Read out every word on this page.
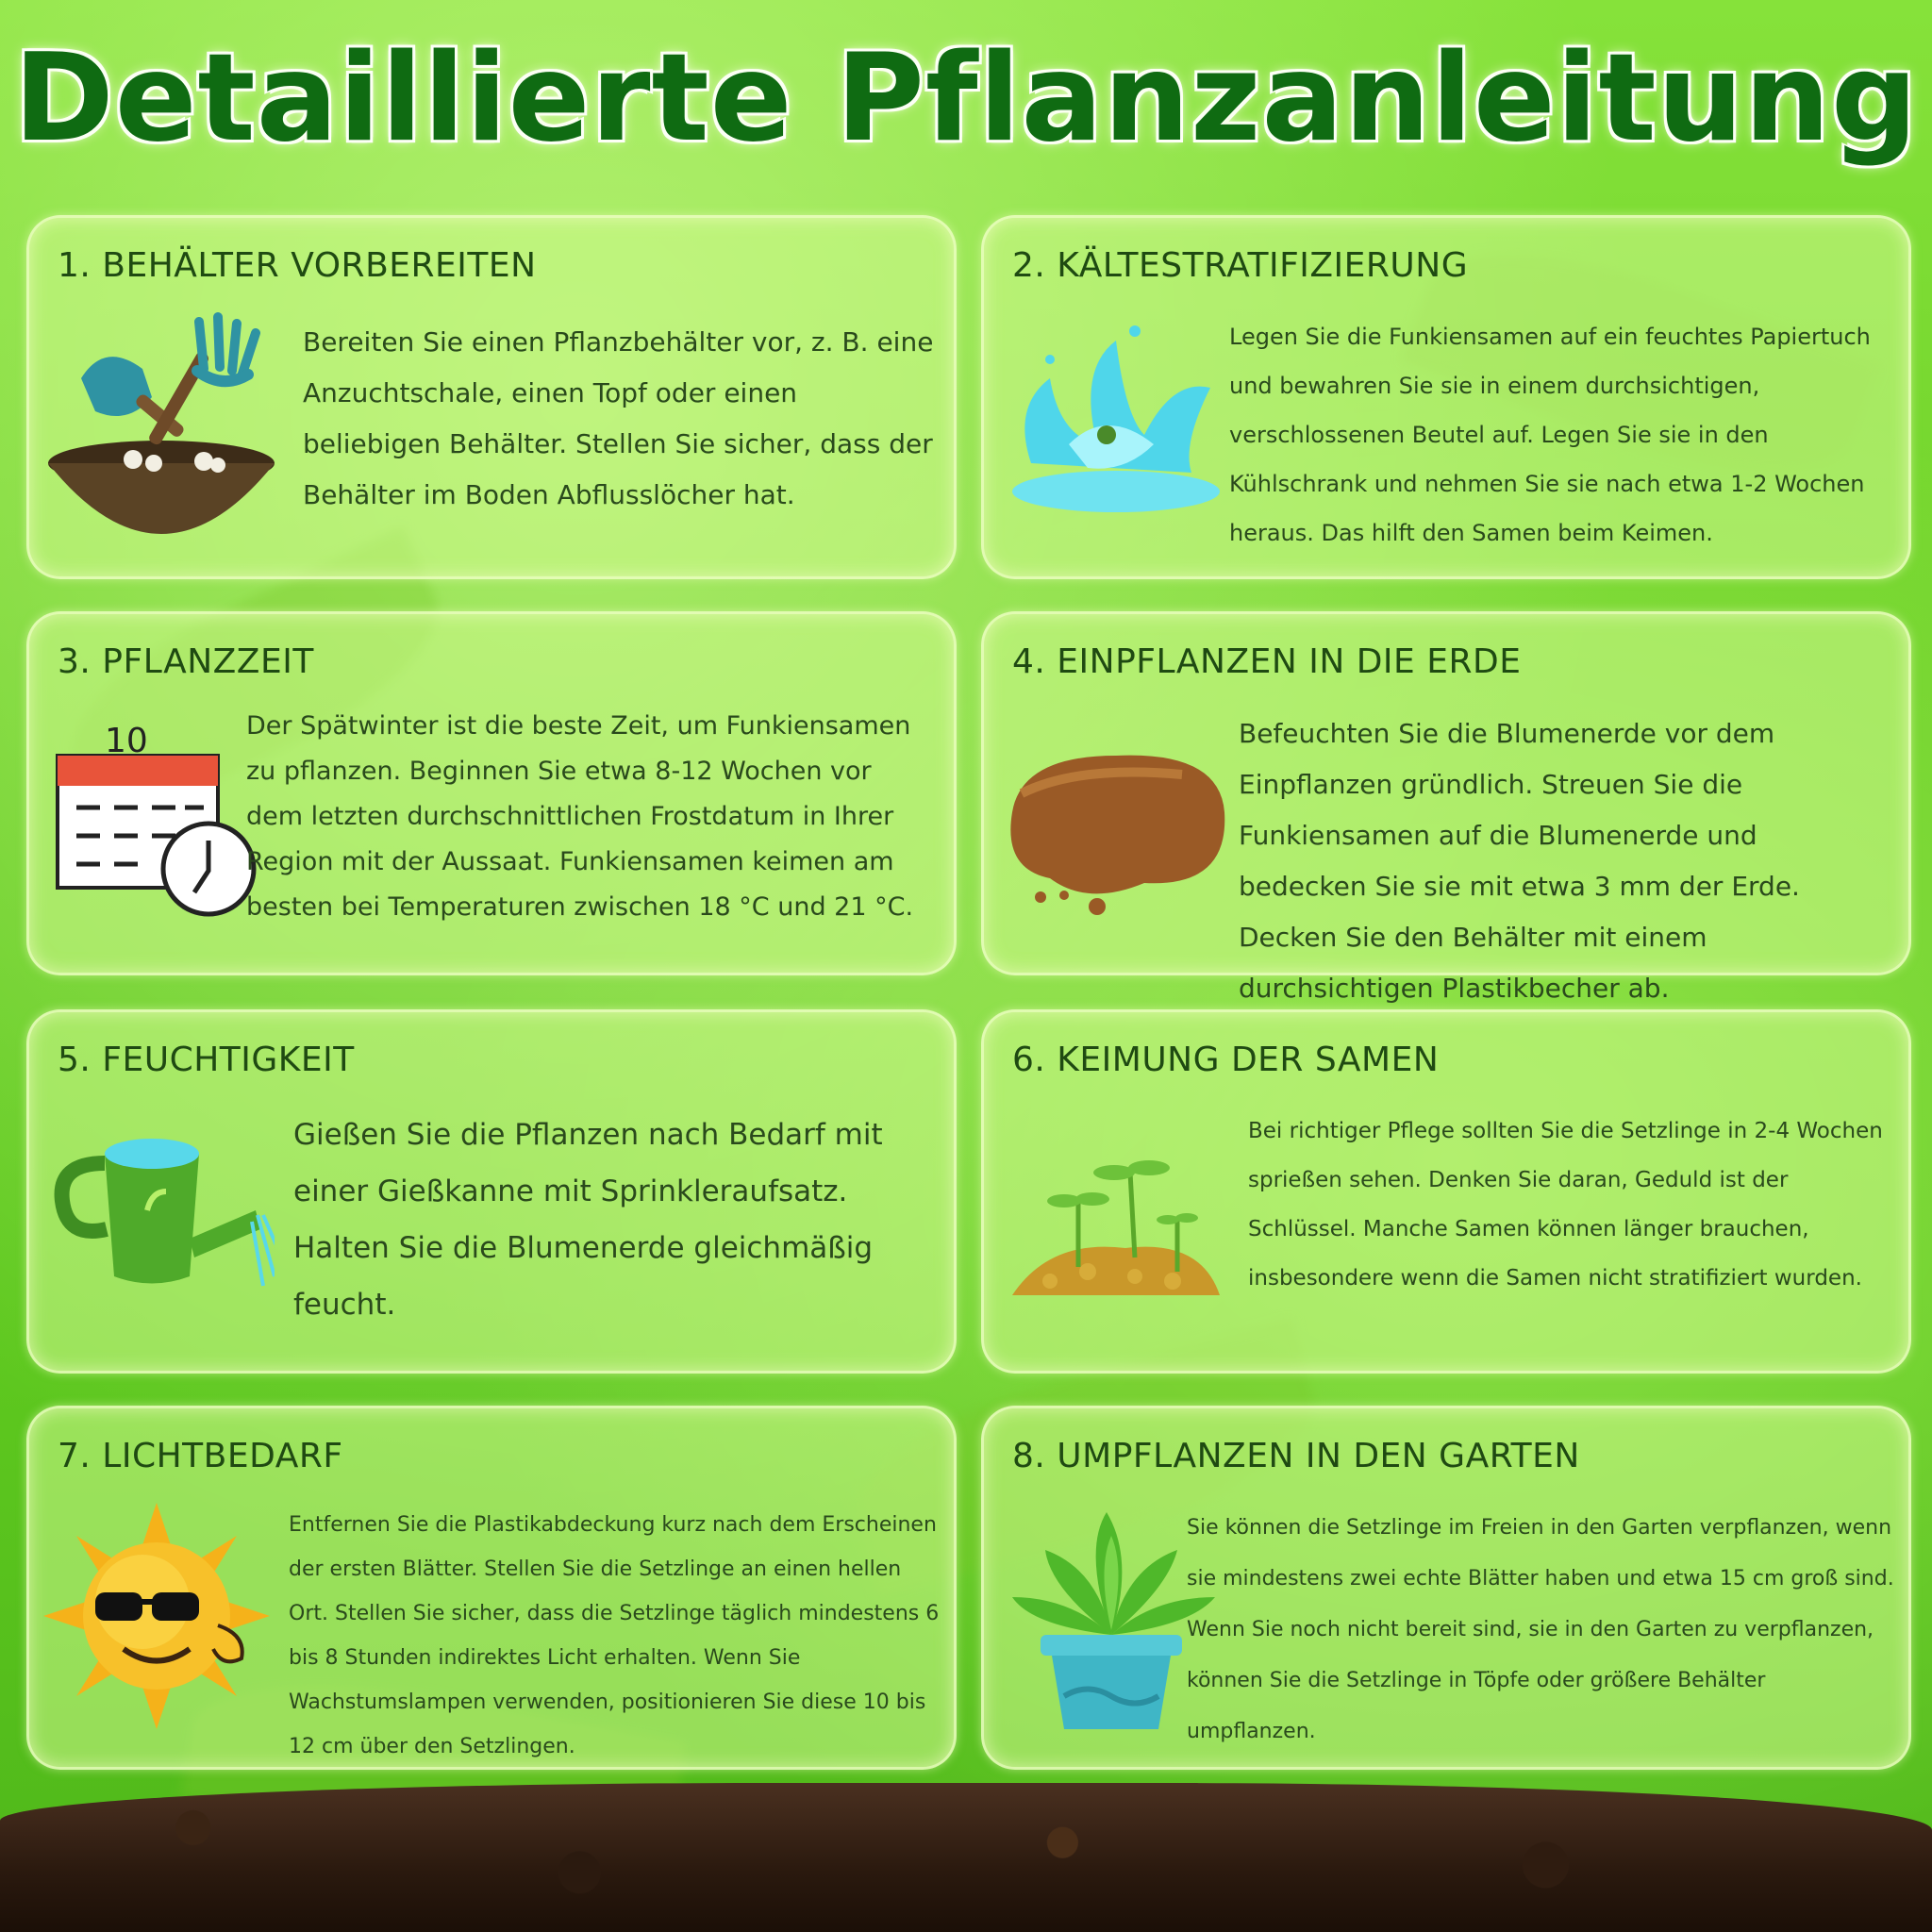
Detaillierte Pflanzanleitung
1. BEHÄLTER VORBEREITEN
Bereiten Sie einen Pflanzbehälter vor, z. B. eine Anzuchtschale, einen Topf oder einen beliebigen Behälter. Stellen Sie sicher, dass der Behälter im Boden Abflusslöcher hat.
2. KÄLTESTRATIFIZIERUNG
Legen Sie die Funkiensamen auf ein feuchtes Papiertuch und bewahren Sie sie in einem durchsichtigen, verschlossenen Beutel auf. Legen Sie sie in den Kühlschrank und nehmen Sie sie nach etwa 1-2 Wochen heraus. Das hilft den Samen beim Keimen.
3. PFLANZZEIT
10	Der Spätwinter ist die beste Zeit, um Funkiensamen zu pflanzen. Beginnen Sie etwa 8-12 Wochen vor dem letzten durchschnittlichen Frostdatum in Ihrer Region mit der Aussaat. Funkiensamen keimen am besten bei Temperaturen zwischen 18 °C und 21 °C.
4. EINPFLANZEN IN DIE ERDE
Befeuchten Sie die Blumenerde vor dem Einpflanzen gründlich. Streuen Sie die Funkiensamen auf die Blumenerde und bedecken Sie sie mit etwa 3 mm der Erde. Decken Sie den Behälter mit einem durchsichtigen Plastikbecher ab.
5. FEUCHTIGKEIT
Gießen Sie die Pflanzen nach Bedarf mit einer Gießkanne mit Sprinkleraufsatz. Halten Sie die Blumenerde gleichmäßig feucht.
6. KEIMUNG DER SAMEN
Bei richtiger Pflege sollten Sie die Setzlinge in 2-4 Wochen sprießen sehen. Denken Sie daran, Geduld ist der Schlüssel. Manche Samen können länger brauchen, insbesondere wenn die Samen nicht stratifiziert wurden.
7. LICHTBEDARF
Entfernen Sie die Plastikabdeckung kurz nach dem Erscheinen der ersten Blätter. Stellen Sie die Setzlinge an einen hellen Ort. Stellen Sie sicher, dass die Setzlinge täglich mindestens 6 bis 8 Stunden indirektes Licht erhalten. Wenn Sie Wachstumslampen verwenden, positionieren Sie diese 10 bis 12 cm über den Setzlingen.
8. UMPFLANZEN IN DEN GARTEN
Sie können die Setzlinge im Freien in den Garten verpflanzen, wenn sie mindestens zwei echte Blätter haben und etwa 15 cm groß sind. Wenn Sie noch nicht bereit sind, sie in den Garten zu verpflanzen, können Sie die Setzlinge in Töpfe oder größere Behälter umpflanzen.
